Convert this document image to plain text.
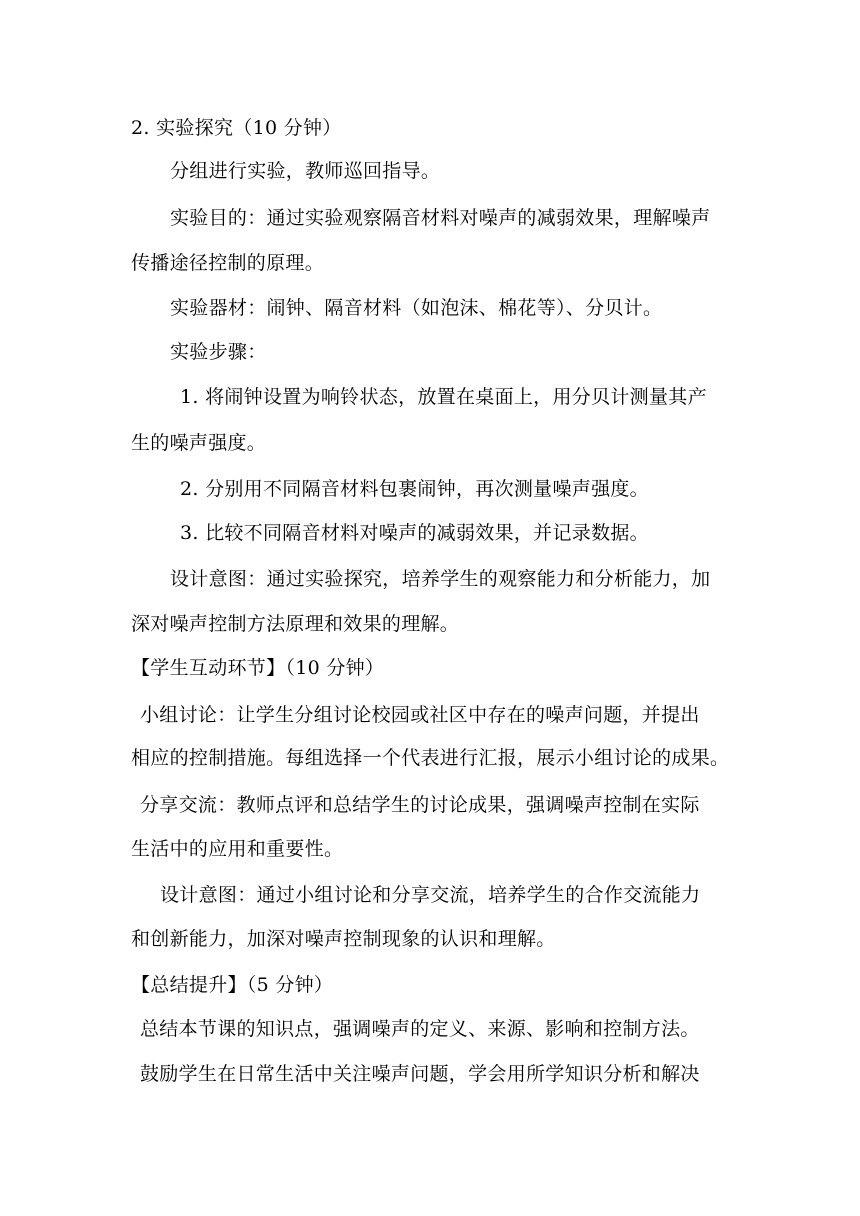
2. 实验探究（10 分钟）
分组进行实验，教师巡回指导。
实验目的：通过实验观察隔音材料对噪声的减弱效果，理解噪声
传播途径控制的原理。
实验器材：闹钟、隔音材料（如泡沫、棉花等）、分贝计。
实验步骤：
1. 将闹钟设置为响铃状态，放置在桌面上，用分贝计测量其产
生的噪声强度。
2. 分别用不同隔音材料包裹闹钟，再次测量噪声强度。
3. 比较不同隔音材料对噪声的减弱效果，并记录数据。
设计意图：通过实验探究，培养学生的观察能力和分析能力，加
深对噪声控制方法原理和效果的理解。
【学生互动环节】（10 分钟）
小组讨论：让学生分组讨论校园或社区中存在的噪声问题，并提出
相应的控制措施。每组选择一个代表进行汇报，展示小组讨论的成果。
分享交流：教师点评和总结学生的讨论成果，强调噪声控制在实际
生活中的应用和重要性。
设计意图：通过小组讨论和分享交流，培养学生的合作交流能力
和创新能力，加深对噪声控制现象的认识和理解。
【总结提升】（5 分钟）
总结本节课的知识点，强调噪声的定义、来源、影响和控制方法。
鼓励学生在日常生活中关注噪声问题，学会用所学知识分析和解决
